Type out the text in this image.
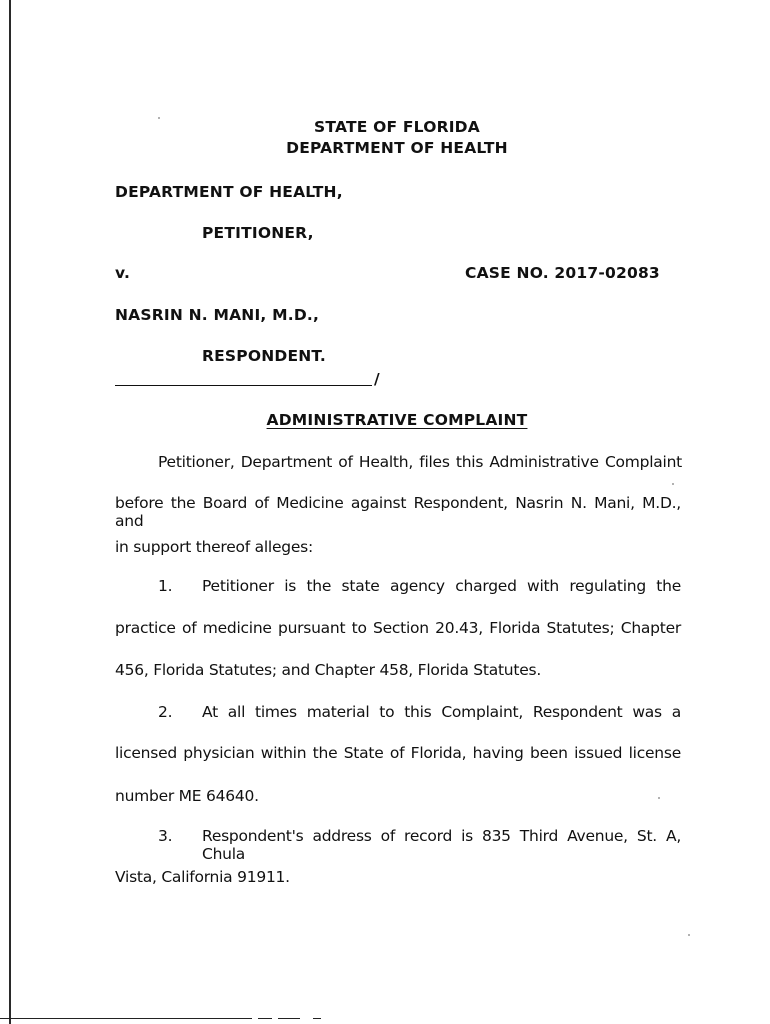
STATE OF FLORIDA
DEPARTMENT OF HEALTH
DEPARTMENT OF HEALTH,
PETITIONER,
v.	CASE NO. 2017-02083
NASRIN N. MANI, M.D.,
RESPONDENT.
/
ADMINISTRATIVE COMPLAINT
Petitioner, Department of Health, files this Administrative Complaint
before the Board of Medicine against Respondent, Nasrin N. Mani, M.D., and
in support thereof alleges:
1. Petitioner is the state agency charged with regulating the
practice of medicine pursuant to Section 20.43, Florida Statutes; Chapter
456, Florida Statutes; and Chapter 458, Florida Statutes.
2. At all times material to this Complaint, Respondent was a
licensed physician within the State of Florida, having been issued license
number ME 64640.
3. Respondent's address of record is 835 Third Avenue, St. A, Chula
Vista, California 91911.
